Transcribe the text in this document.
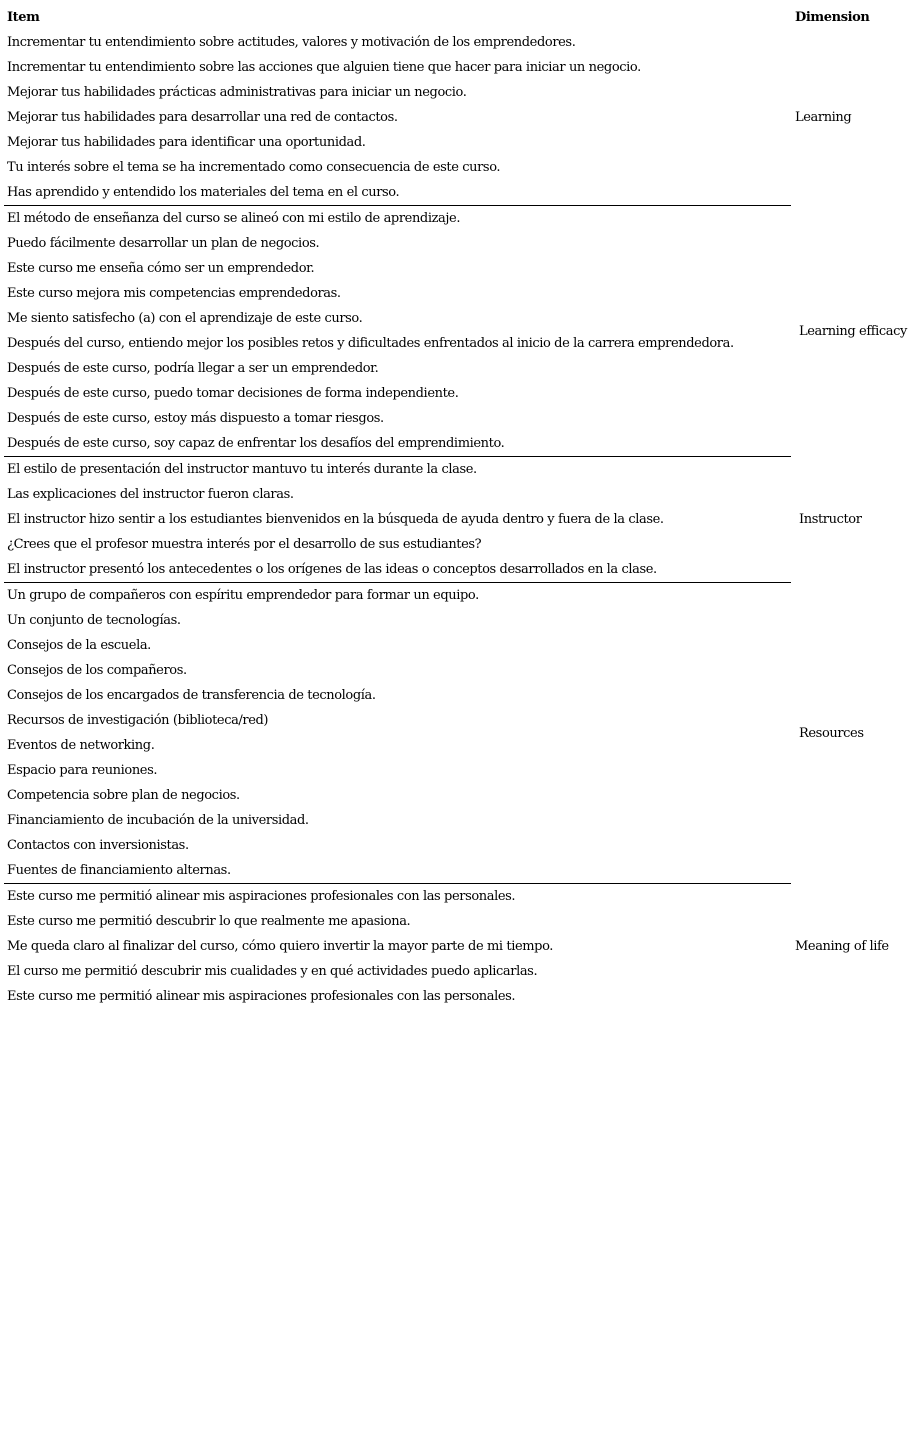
Item	Dimension
Incrementar tu entendimiento sobre actitudes, valores y motivación de los emprendedores.	Learning
Incrementar tu entendimiento sobre las acciones que alguien tiene que hacer para iniciar un negocio.	
Mejorar tus habilidades prácticas administrativas para iniciar un negocio.	
Mejorar tus habilidades para desarrollar una red de contactos.	
Mejorar tus habilidades para identificar una oportunidad.	
Tu interés sobre el tema se ha incrementado como consecuencia de este curso.	
Has aprendido y entendido los materiales del tema en el curso.	
El método de enseñanza del curso se alineó con mi estilo de aprendizaje.	Learning efficacy
Puedo fácilmente desarrollar un plan de negocios.	
Este curso me enseña cómo ser un emprendedor.	
Este curso mejora mis competencias emprendedoras.	
Me siento satisfecho (a) con el aprendizaje de este curso.	
Después del curso, entiendo mejor los posibles retos y dificultades enfrentados al inicio de la carrera emprendedora.	
Después de este curso, podría llegar a ser un emprendedor.	
Después de este curso, puedo tomar decisiones de forma independiente.	
Después de este curso, estoy más dispuesto a tomar riesgos.	
Después de este curso, soy capaz de enfrentar los desafíos del emprendimiento.	
El estilo de presentación del instructor mantuvo tu interés durante la clase.	Instructor
Las explicaciones del instructor fueron claras.	
El instructor hizo sentir a los estudiantes bienvenidos en la búsqueda de ayuda dentro y fuera de la clase.	
¿Crees que el profesor muestra interés por el desarrollo de sus estudiantes?	
El instructor presentó los antecedentes o los orígenes de las ideas o conceptos desarrollados en la clase.	
Un grupo de compañeros con espíritu emprendedor para formar un equipo.	Resources
Un conjunto de tecnologías.	
Consejos de la escuela.	
Consejos de los compañeros.	
Consejos de los encargados de transferencia de tecnología.	
Recursos de investigación (biblioteca/red)	
Eventos de networking.	
Espacio para reuniones.	
Competencia sobre plan de negocios.	
Financiamiento de incubación de la universidad.	
Contactos con inversionistas.	
Fuentes de financiamiento alternas.	
Este curso me permitió alinear mis aspiraciones profesionales con las personales.	Meaning of life
Este curso me permitió descubrir lo que realmente me apasiona.	
Me queda claro al finalizar del curso, cómo quiero invertir la mayor parte de mi tiempo.	
El curso me permitió descubrir mis cualidades y en qué actividades puedo aplicarlas.	
Este curso me permitió alinear mis aspiraciones profesionales con las personales.	
